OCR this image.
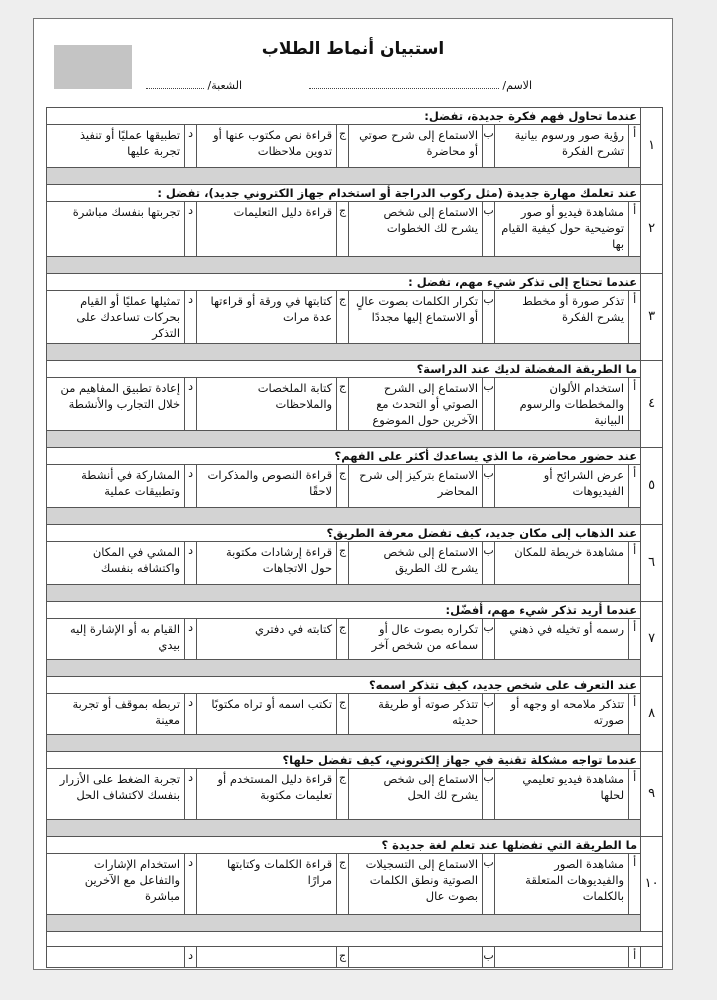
استبيان أنماط الطلاب
الاسم/
الشعبة/
١	عندما تحاول فهم فكرة جديدة، تفضل:							
	أ	رؤية صور ورسوم بيانية تشرح الفكرة	ب	الاستماع إلى شرح صوتي أو محاضرة	ج	قراءة نص مكتوب عنها أو تدوين ملاحظات	د	تطبيقها عمليًا أو تنفيذ تجربة عليها

٢	عند تعلمك مهارة جديدة (مثل ركوب الدراجة أو استخدام جهاز الكتروني جديد)، تفضل :							
	أ	مشاهدة فيديو أو صور توضيحية حول كيفية القيام بها	ب	الاستماع إلى شخص يشرح لك الخطوات	ج	قراءة دليل التعليمات	د	تجربتها بنفسك مباشرة

٣	عندما تحتاج إلى تذكر شيء مهم، تفضل :							
	أ	تذكر صورة أو مخطط يشرح الفكرة	ب	تكرار الكلمات بصوت عالٍ أو الاستماع إليها مجددًا	ج	كتابتها في ورقة أو قراءتها عدة مرات	د	تمثيلها عمليًا أو القيام بحركات تساعدك على التذكر

٤	ما الطريقة المفضلة لديك عند الدراسة؟							
	أ	استخدام الألوان والمخططات والرسوم البيانية	ب	الاستماع إلى الشرح الصوتي أو التحدث مع الآخرين حول الموضوع	ج	كتابة الملخصات والملاحظات	د	إعادة تطبيق المفاهيم من خلال التجارب والأنشطة

٥	عند حضور محاضرة، ما الذي يساعدك أكثر على الفهم؟							
	أ	عرض الشرائح أو الفيديوهات	ب	الاستماع بتركيز إلى شرح المحاضر	ج	قراءة النصوص والمذكرات لاحقًا	د	المشاركة في أنشطة وتطبيقات عملية

٦	عند الذهاب إلى مكان جديد، كيف تفضل معرفة الطريق؟							
	أ	مشاهدة خريطة للمكان	ب	الاستماع إلى شخص يشرح لك الطريق	ج	قراءة إرشادات مكتوبة حول الاتجاهات	د	المشي في المكان واكتشافه بنفسك

٧	عندما أريد تذكر شيء مهم، أفضّل:							
	أ	رسمه أو تخيله في ذهني	ب	تكراره بصوت عال أو سماعه من شخص آخر	ج	كتابته في دفتري	د	القيام به أو الإشارة إليه بيدي

٨	عند التعرف على شخص جديد، كيف تتذكر اسمه؟							
	أ	تتذكر ملامحه او وجهه أو صورته	ب	تتذكر صوته أو طريقة حديثه	ج	تكتب اسمه أو تراه مكتوبًا	د	تربطه بموقف أو تجربة معينة

٩	عندما تواجه مشكلة تقنية في جهاز إلكتروني، كيف تفضل حلها؟							
	أ	مشاهدة فيديو تعليمي لحلها	ب	الاستماع إلى شخص يشرح لك الحل	ج	قراءة دليل المستخدم أو تعليمات مكتوبة	د	تجربة الضغط على الأزرار بنفسك لاكتشاف الحل

١٠	ما الطريقة التي تفضلها عند تعلم لغة جديدة ؟							
	أ	مشاهدة الصور والفيديوهات المتعلقة بالكلمات	ب	الاستماع إلى التسجيلات الصوتية ونطق الكلمات بصوت عال	ج	قراءة الكلمات وكتابتها مرارًا	د	استخدام الإشارات والتفاعل مع الآخرين مباشرة

	أ		ب		ج		د	
